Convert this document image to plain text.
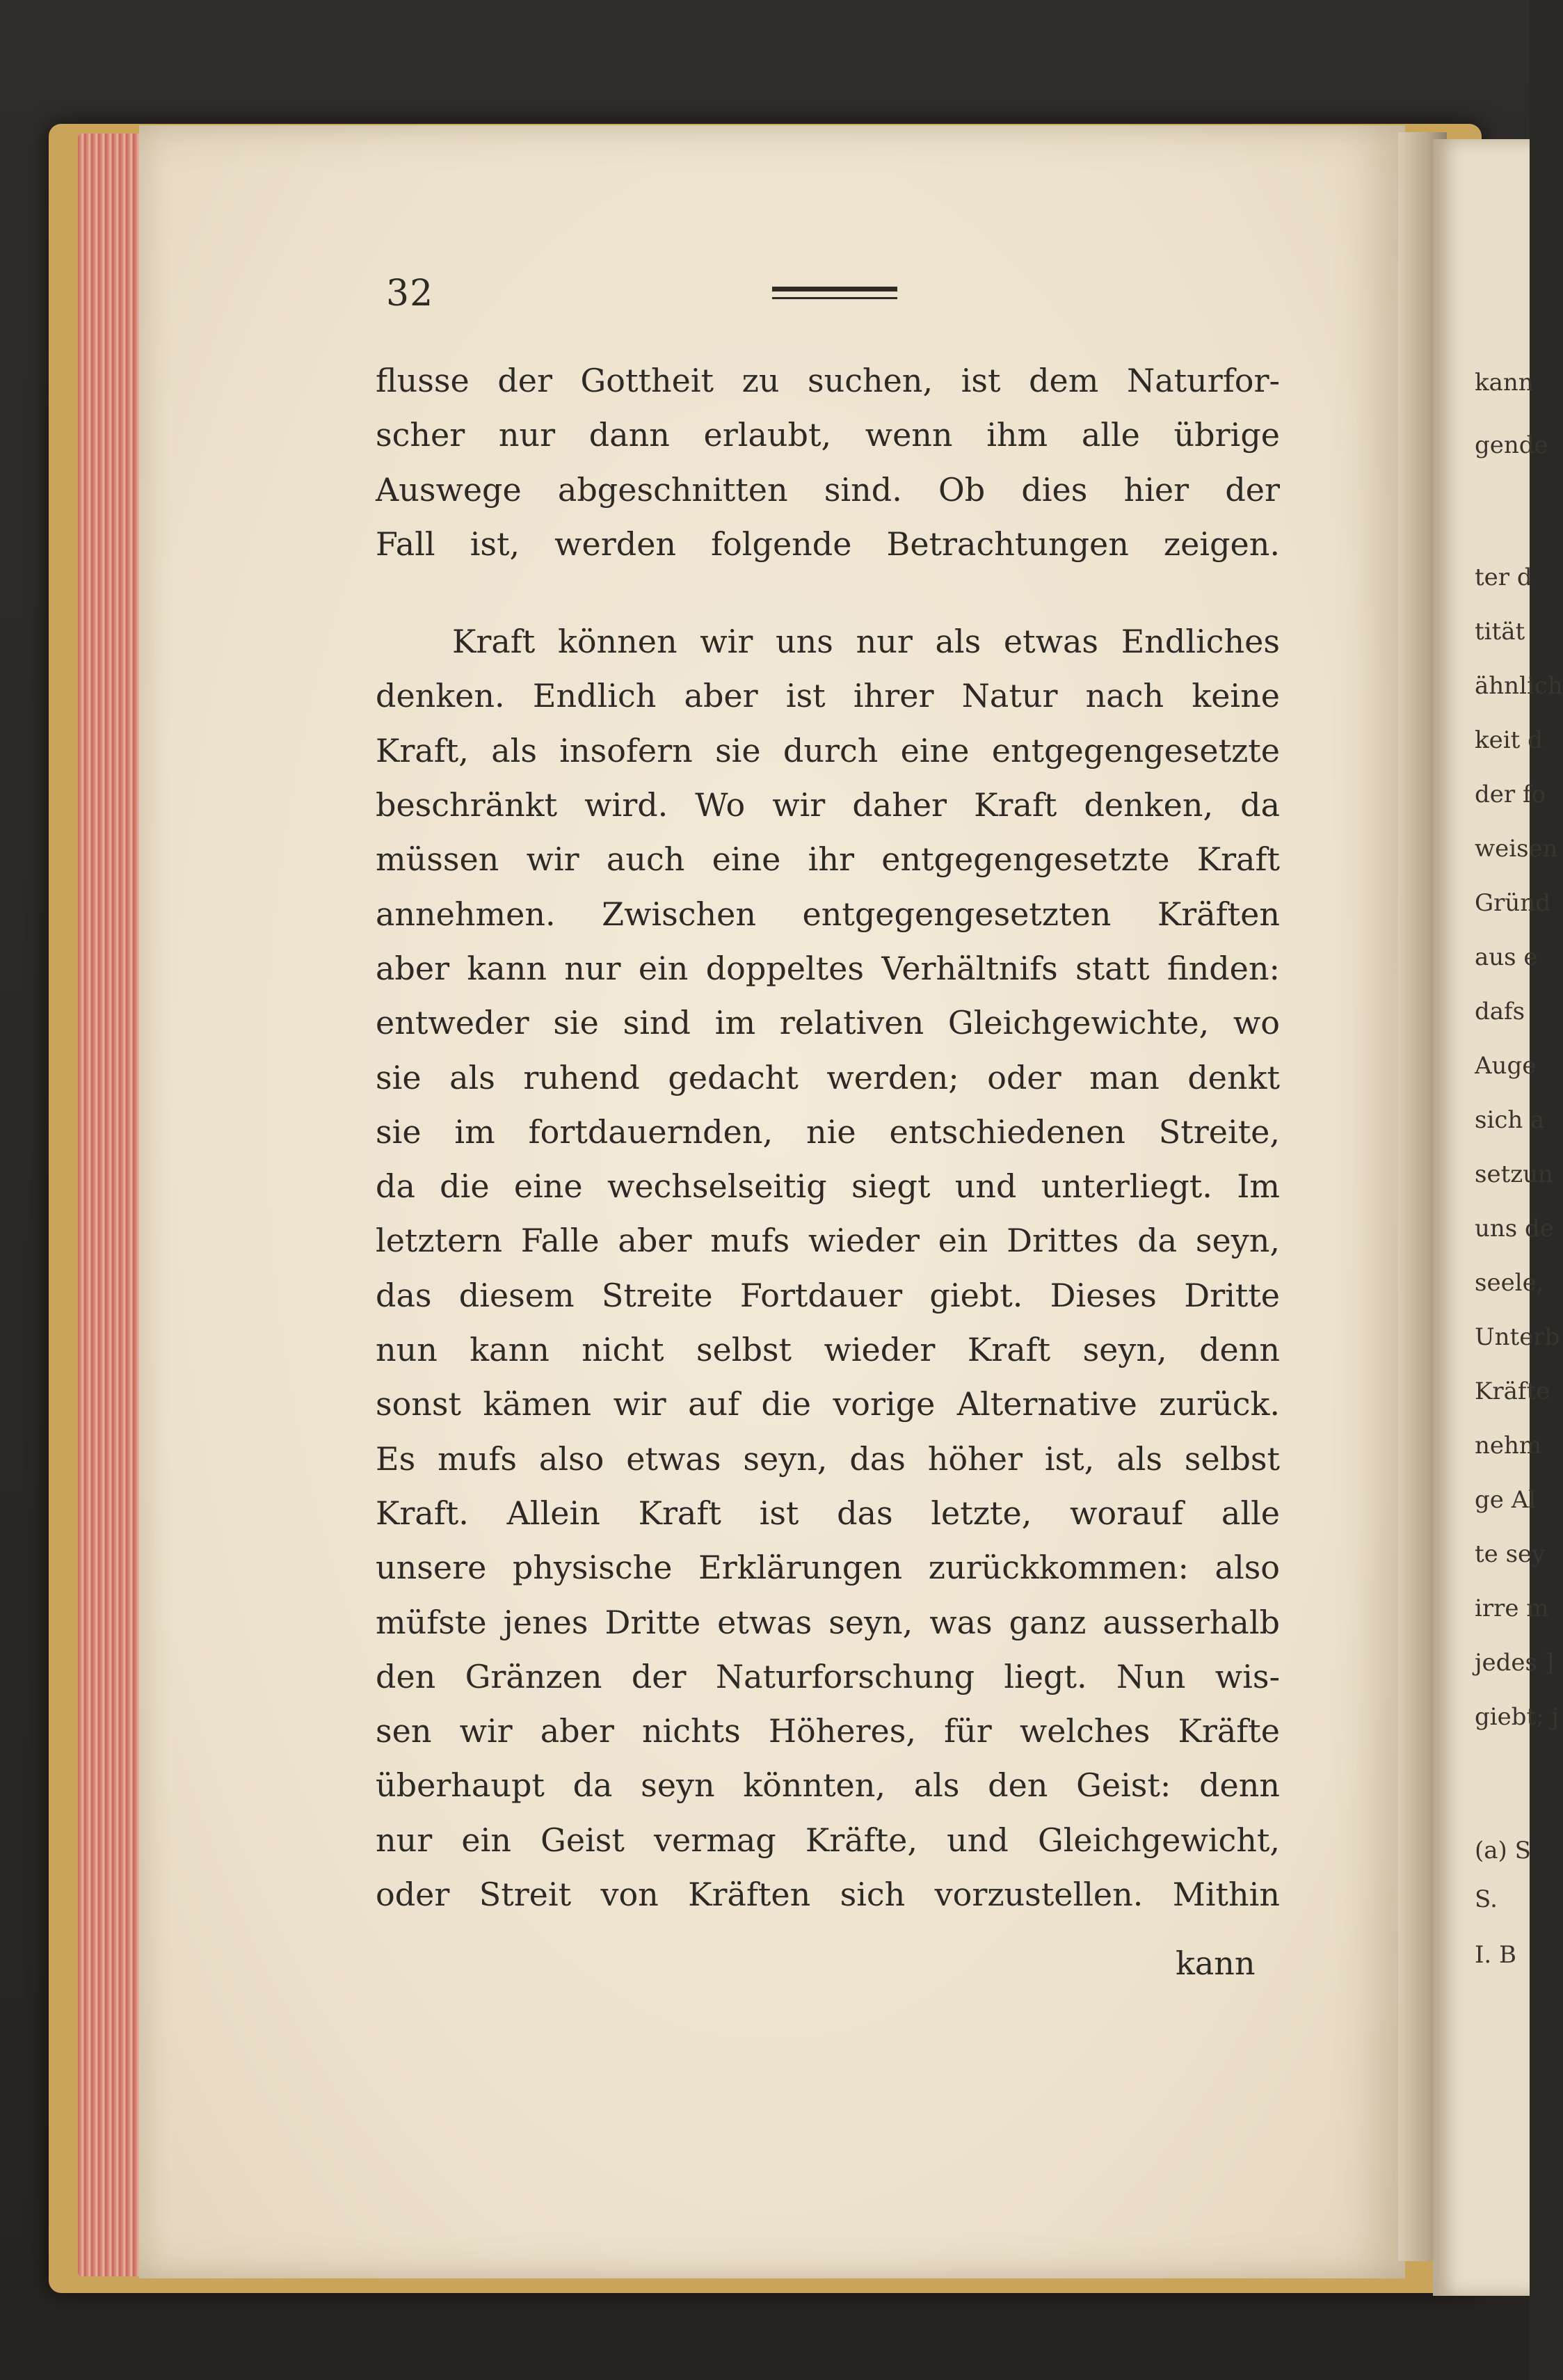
kann

gende

ter d

tität

ähnlich

keit d

der fo

weisen

Gründ

aus e

dafs

Auge

sich a

setzun

uns de

seele,

Unterb

Kräfte

nehm

ge Al

te sey

irre m

jedes ]

giebt; j

(a) S

S.

I. B

32

flusse der Gottheit zu suchen, ist dem Naturfor-

scher nur dann erlaubt, wenn ihm alle übrige

Auswege abgeschnitten sind. Ob dies hier der

Fall ist, werden folgende Betrachtungen zeigen.

Kraft können wir uns nur als etwas Endliches

denken. Endlich aber ist ihrer Natur nach keine

Kraft, als insofern sie durch eine entgegengesetzte

beschränkt wird. Wo wir daher Kraft denken, da

müssen wir auch eine ihr entgegengesetzte Kraft

annehmen. Zwischen entgegengesetzten Kräften

aber kann nur ein doppeltes Verhältnifs statt finden:

entweder sie sind im relativen Gleichgewichte, wo

sie als ruhend gedacht werden; oder man denkt

sie im fortdauernden, nie entschiedenen Streite,

da die eine wechselseitig siegt und unterliegt. Im

letztern Falle aber mufs wieder ein Drittes da seyn,

das diesem Streite Fortdauer giebt. Dieses Dritte

nun kann nicht selbst wieder Kraft seyn, denn

sonst kämen wir auf die vorige Alternative zurück.

Es mufs also etwas seyn, das höher ist, als selbst

Kraft. Allein Kraft ist das letzte, worauf alle

unsere physische Erklärungen zurückkommen: also

müfste jenes Dritte etwas seyn, was ganz ausserhalb

den Gränzen der Naturforschung liegt. Nun wis-

sen wir aber nichts Höheres, für welches Kräfte

überhaupt da seyn könnten, als den Geist: denn

nur ein Geist vermag Kräfte, und Gleichgewicht,

oder Streit von Kräften sich vorzustellen. Mithin

kann
